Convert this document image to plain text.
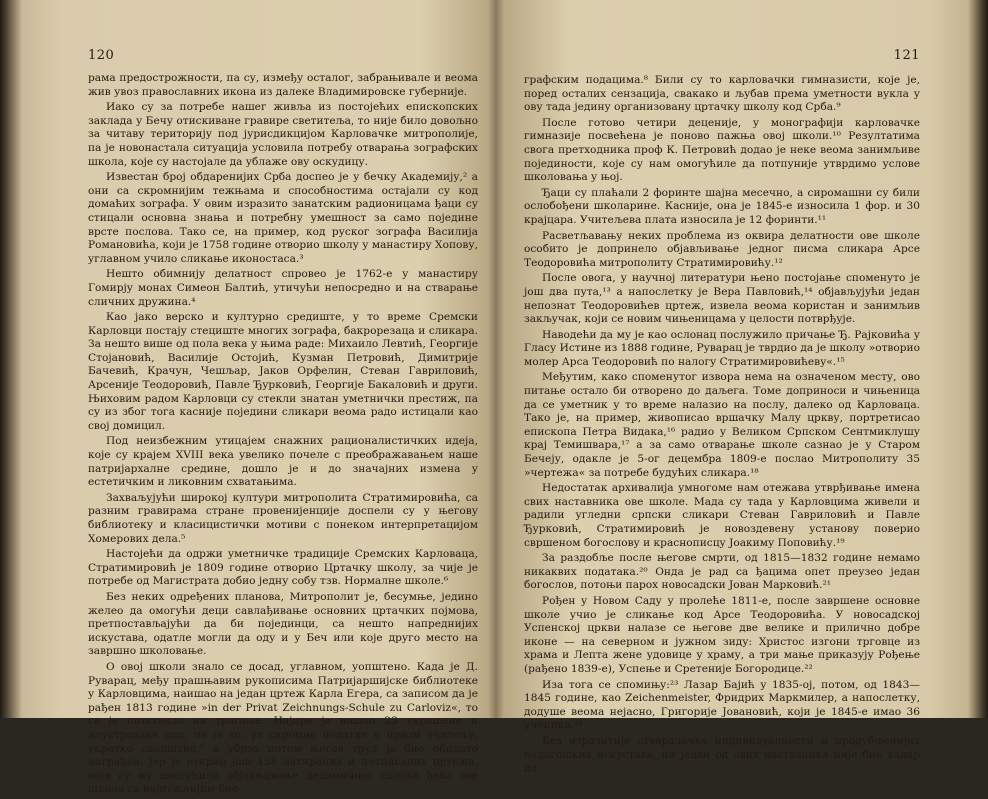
120

рама предострожности, па су, између осталог, забрањивале и веома жив увоз православних икона из далеке Владимировске губерније.

Иако су за потребе нашег живља из постојећих епископских заклада у Бечу отискиване гравире светитеља, то није било довољно за читаву територију под јурисдикцијом Карловачке митрополије, па је новонастала ситуација условила потребу отварања зографских школа, које су настојале да ублаже ову оскудицу.

Известан број обдаренијих Срба доспео је у бечку Академију,² а они са скромнијим тежњама и способностима остајали су код домаћих зографа. У овим изразито занатским радионицама ђаци су стицали основна знања и потребну умешност за само поједине врсте послова. Тако се, на пример, код руског зографа Василија Романовића, који је 1758 године отворио школу у манастиру Хопову, углавном учило сликање иконостаса.³

Нешто обимнију делатност спровео је 1762-е у манастиру Гомирју монах Симеон Балтић, утичући непосредно и на стварање сличних дружина.⁴

Као јако верско и културно средиште, у то време Сремски Карловци постају стециште многих зографа, бакрорезаца и сликара. За нешто више од пола века у њима раде: Михаило Левтић, Георгије Стојановић, Василије Остојић, Кузман Петровић, Димитрије Бачевић, Крачун, Чешљар, Јаков Орфелин, Стеван Гавриловић, Арсеније Теодоровић, Павле Ђурковић, Георгије Бакаловић и други. Њиховим радом Карловци су стекли знатан уметнички престиж, па су из због тога касније поједини сликари веома радо истицали кao свој домицил.

Под неизбежним утицајем снажних рационалистичких идеја, које су крајем XVIII века увелико почеле с преображавањем наше патријархалне средине, дошло је и до значајних измена у естетичким и ликовним схватањима.

Захваљујући широкој култури митрополита Стратимировића, са разним гравирама стране провенијенције доспели су у његову библиотеку и класицистички мотиви с понеком интерпретацијом Хомерових дела.⁵

Настојећи да одржи уметничке традиције Сремских Карловаца, Стратимировић је 1809 године отворио Цртачку школу, за чије је потребе од Магистрата добио једну собу тзв. Нормалне школе.⁶

Без неких одређених планова, Митрополит је, бесумње, једино желео да омогући деци савлађивање основних цртачких појмова, претпостављајући да би појединци, са нешто напреднијих искустава, одатле могли да оду и у Беч или које друго место на завршно школовање.

О овој школи знало се досад, углавном, уопштено. Када је Д. Руварац, међу прашњавим рукописима Патријаршијске библиотеке у Карловцима, наишао на један цртеж Карла Егера, са записом да је рађен 1813 године »in der Privat Zeichnungs-Schule zu Carloviz«, то га је потстакло на трагање. Најпре је нашао 23 украшене и илустроване оде, па је то, уз скромне податке о првом учитељу, укратко саопштио,⁷ а убрзо потом његов труд је био обилато награђен, јер је открио још 158 датираних и потписаних цртежа, који су му омогућили објављивање делимичног списка ђака ове школе са најнужнијим био-

121

графским подацима.⁸ Били су то карловачки гимназисти, које је, поред осталих сензација, свакако и љубав према уметности вукла у ову тада једину организовану цртачку школу код Срба.⁹

После готово четири деценије, у монографији карловачке гимназије посвећена је поново пажња овој школи.¹⁰ Резултатима свога претходника проф К. Петровић додао је неке веома занимљиве појединости, које су нам омогућиле да потпуније утврдимо услове школовања у њој.

Ђаци су плаћали 2 форинте шајна месечно, а сиромашни су били ослобођени школарине. Касније, она је 1845-е износила 1 фор. и 30 крајцара. Учитељева плата износила је 12 форинти.¹¹

Расветљавању неких проблема из оквира делатности ове школе особито је допринело објављивање једног писма сликара Арсе Теодоровића митрополиту Стратимировићу.¹²

После овога, у научној литератури њено постојање споменуто је још два пута,¹³ а напослетку је Вера Павловић,¹⁴ објављујући један непознат Теодоровићев цртеж, извела веома користан и занимљив закључак, који се новим чињеницама у целости потврђује.

Наводећи да му је као ослонац послужило причање Ђ. Рајковића у Гласу Истине из 1888 године, Руварац је тврдио да је школу »отворио молер Арса Теодоровић по налогу Стратимировићеву«.¹⁵

Међутим, како споменутог извора нема на означеном месту, ово питање остало би отворено до даљега. Томе доприноси и чињеница да се уметник у то време налазио на послу, далеко од Карловаца. Тако је, на пример, живописао вршачку Малу цркву, портретисао епископа Петра Видака,¹⁶ радио у Великом Српском Сентмиклушу крај Темишвара,¹⁷ а за само отварање школе сазнао је у Старом Бечеју, одакле је 5-ог децембра 1809-е послао Митрополиту 35 »чертежа« за потребе будућих сликара.¹⁸

Недостатак архивалија умногоме нам отежава утврђивање имена свих наставника ове школе. Мада су тада у Карловцима живели и радили угледни српски сликари Стеван Гавриловић и Павле Ђурковић, Стратимировић је новоздевену установу поверио свршеном богослову и краснописцу Јоакиму Поповићу.¹⁹

За раздобље после његове смрти, од 1815—1832 године немамо никаквих података.²⁰ Онда је рад са ђацима опет преузео један богослов, потоњи парох новосадски Јован Марковић.²¹

Рођен у Новом Саду у пролеће 1811-е, после завршене основне школе учио је сликање код Арсе Теодоровића. У новосадској Успенској цркви налазе се његове две велике и прилично добре иконе — на северном и јужном зиду: Христос изгони трговце из храма и Лепта жене удовице у храму, а три мање приказују Рођење (рађено 1839-е), Успење и Сретеније Богородице.²²

Иза тога се спомињу:²³ Лазар Бајић у 1835-ој, потом, од 1843—1845 године, као Zeichenmeister, Фридрих Маркмилер, а напослетку, додуше веома нејасно, Григорије Јовановић, који је 1845-е имао 36 ученика.²⁴

Без изразитије стваралачке индивидуалности и продубљенијих педагошких искустава, ни један од ових наставника није био кадар да
